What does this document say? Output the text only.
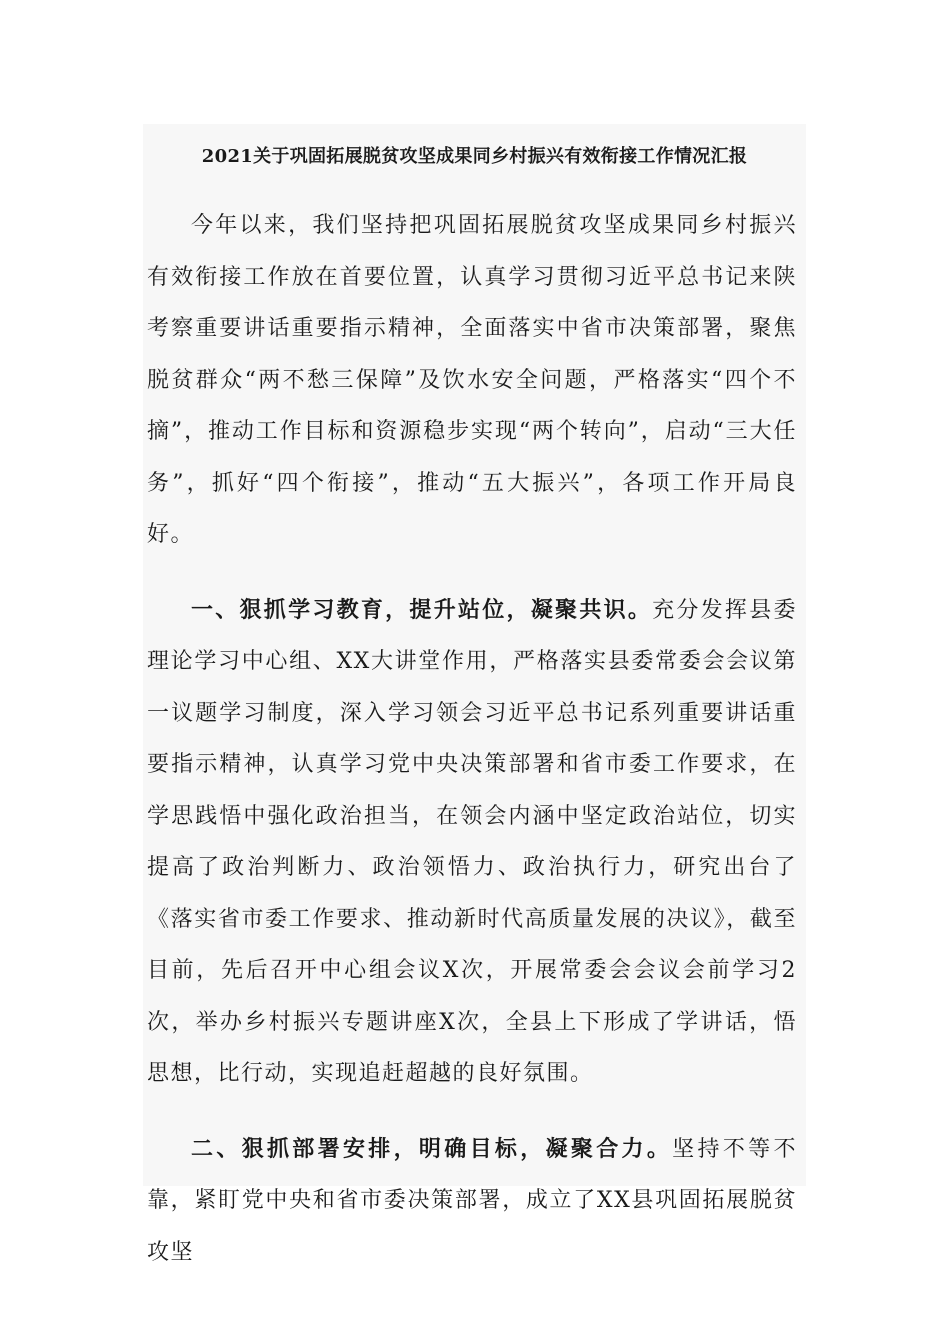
2021关于巩固拓展脱贫攻坚成果同乡村振兴有效衔接工作情况汇报

今年以来，我们坚持把巩固拓展脱贫攻坚成果同乡村振兴有效衔接工作放在首要位置，认真学习贯彻习近平总书记来陕考察重要讲话重要指示精神，全面落实中省市决策部署，聚焦脱贫群众“两不愁三保障”及饮水安全问题，严格落实“四个不摘”，推动工作目标和资源稳步实现“两个转向”，启动“三大任务”，抓好“四个衔接”，推动“五大振兴”，各项工作开局良好。

一、狠抓学习教育，提升站位，凝聚共识。充分发挥县委理论学习中心组、XX大讲堂作用，严格落实县委常委会会议第一议题学习制度，深入学习领会习近平总书记系列重要讲话重要指示精神，认真学习党中央决策部署和省市委工作要求，在学思践悟中强化政治担当，在领会内涵中坚定政治站位，切实提高了政治判断力、政治领悟力、政治执行力，研究出台了《落实省市委工作要求、推动新时代高质量发展的决议》，截至目前，先后召开中心组会议X次，开展常委会会议会前学习2次，举办乡村振兴专题讲座X次，全县上下形成了学讲话，悟思想，比行动，实现追赶超越的良好氛围。

二、狠抓部署安排，明确目标，凝聚合力。坚持不等不靠，紧盯党中央和省市委决策部署，成立了XX县巩固拓展脱贫攻坚
